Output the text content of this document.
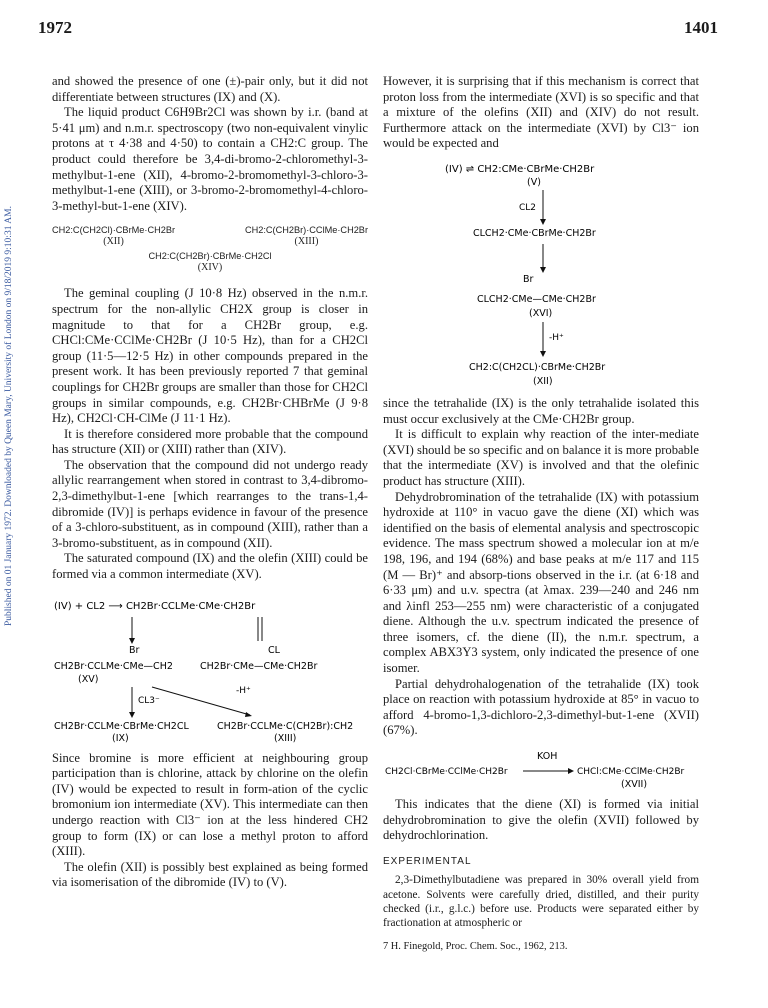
1972	1401
Published on 01 January 1972. Downloaded by Queen Mary, University of London on 9/18/2019 9:10:31 AM.

and showed the presence of one (±)-pair only, but it did not differentiate between structures (IX) and (X).

The liquid product C6H9Br2Cl was shown by i.r. (band at 5·41 μm) and n.m.r. spectroscopy (two non-equivalent vinylic protons at τ 4·38 and 4·50) to contain a CH2:C group. The product could therefore be 3,4-di-bromo-2-chloromethyl-3-methylbut-1-ene (XII), 4-bromo-2-bromomethyl-3-chloro-3-methylbut-1-ene (XIII), or 3-bromo-2-bromomethyl-4-chloro-3-methyl-but-1-ene (XIV).

CH2:C(CH2Cl)·CBrMe·CH2Br
(XII)
CH2:C(CH2Br)·CClMe·CH2Br
(XIII)
CH2:C(CH2Br)·CBrMe·CH2Cl
(XIV)

The geminal coupling (J 10·8 Hz) observed in the n.m.r. spectrum for the non-allylic CH2X group is closer in magnitude to that for a CH2Br group, e.g. CHCl:CMe·CClMe·CH2Br (J 10·5 Hz), than for a CH2Cl group (11·5—12·5 Hz) in other compounds prepared in the present work. It has been previously reported 7 that geminal couplings for CH2Br groups are smaller than those for CH2Cl groups in similar compounds, e.g. CH2Br·CHBrMe (J 9·8 Hz), CH2Cl·CH-ClMe (J 11·1 Hz).

It is therefore considered more probable that the compound has structure (XII) or (XIII) rather than (XIV).

The observation that the compound did not undergo ready allylic rearrangement when stored in contrast to 3,4-dibromo-2,3-dimethylbut-1-ene [which rearranges to the trans-1,4-dibromide (IV)] is perhaps evidence in favour of the presence of a 3-chloro-substituent, as in compound (XIII), rather than a 3-bromo-substituent, as in compound (XII).

The saturated compound (IX) and the olefin (XIII) could be formed via a common intermediate (XV).

(IV) + CL2 ⟶ CH2Br·CCLMe·CMe·CH2Br
Br	CL
CH2Br·CCLMe·CMe—CH2
(XV)
CH2Br·CMe—CMe·CH2Br
CL3⁻
-H⁺
CH2Br·CCLMe·CBrMe·CH2CL
(IX)
CH2Br·CCLMe·C(CH2Br):CH2
(XIII)

Since bromine is more efficient at neighbouring group participation than is chlorine, attack by chlorine on the olefin (IV) would be expected to result in form-ation of the cyclic bromonium ion intermediate (XV). This intermediate can then undergo reaction with Cl3⁻ ion at the less hindered CH2 group to form (IX) or can lose a methyl proton to afford (XIII).

The olefin (XII) is possibly best explained as being formed via isomerisation of the dibromide (IV) to (V).

However, it is surprising that if this mechanism is correct that proton loss from the intermediate (XVI) is so specific and that a mixture of the olefins (XII) and (XIV) do not result. Furthermore attack on the intermediate (XVI) by Cl3⁻ ion would be expected and

(IV) ⇌ CH2:CMe·CBrMe·CH2Br
(V)
CL2
CLCH2·CMe·CBrMe·CH2Br
Br
CLCH2·CMe—CMe·CH2Br
(XVI)
-H⁺
CH2:C(CH2CL)·CBrMe·CH2Br
(XII)

since the tetrahalide (IX) is the only tetrahalide isolated this must occur exclusively at the CMe·CH2Br group.

It is difficult to explain why reaction of the inter-mediate (XVI) should be so specific and on balance it is more probable that the intermediate (XV) is involved and that the olefinic product has structure (XIII).

Dehydrobromination of the tetrahalide (IX) with potassium hydroxide at 110° in vacuo gave the diene (XI) which was identified on the basis of elemental analysis and spectroscopic evidence. The mass spectrum showed a molecular ion at m/e 198, 196, and 194 (68%) and base peaks at m/e 117 and 115 (M — Br)⁺ and absorp-tions observed in the i.r. (at 6·18 and 6·33 μm) and u.v. spectra (at λmax. 239—240 and 246 nm and λinfl 253—255 nm) were characteristic of a conjugated diene. Although the u.v. spectrum indicated the presence of three isomers, cf. the diene (II), the n.m.r. spectrum, a complex ABX3Y3 system, only indicated the presence of one isomer.

Partial dehydrohalogenation of the tetrahalide (IX) took place on reaction with potassium hydroxide at 85° in vacuo to afford 4-bromo-1,3-dichloro-2,3-dimethyl-but-1-ene (XVII) (67%).

KOH
CH2Cl·CBrMe·CClMe·CH2Br	CHCl:CMe·CClMe·CH2Br
(XVII)

This indicates that the diene (XI) is formed via initial dehydrobromination to give the olefin (XVII) followed by dehydrochlorination.

EXPERIMENTAL

2,3-Dimethylbutadiene was prepared in 30% overall yield from acetone. Solvents were carefully dried, distilled, and their purity checked (i.r., g.l.c.) before use. Products were separated either by fractionation at atmospheric or

7 H. Finegold, Proc. Chem. Soc., 1962, 213.
